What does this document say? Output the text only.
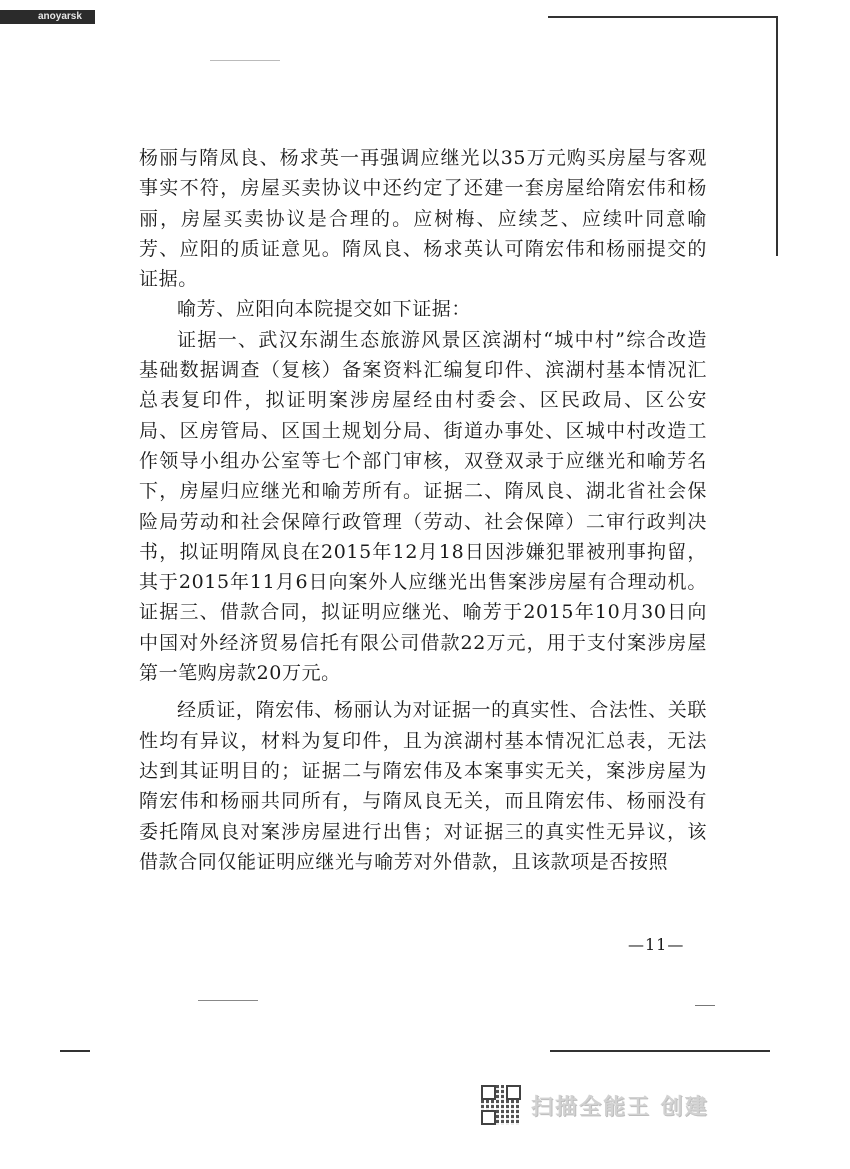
anoyarsk

杨丽与隋凤良、杨求英一再强调应继光以35万元购买房屋与客观事实不符，房屋买卖协议中还约定了还建一套房屋给隋宏伟和杨丽，房屋买卖协议是合理的。应树梅、应续芝、应续叶同意喻芳、应阳的质证意见。隋凤良、杨求英认可隋宏伟和杨丽提交的证据。

喻芳、应阳向本院提交如下证据：

证据一、武汉东湖生态旅游风景区滨湖村“城中村”综合改造基础数据调查（复核）备案资料汇编复印件、滨湖村基本情况汇总表复印件，拟证明案涉房屋经由村委会、区民政局、区公安局、区房管局、区国土规划分局、街道办事处、区城中村改造工作领导小组办公室等七个部门审核，双登双录于应继光和喻芳名下，房屋归应继光和喻芳所有。证据二、隋凤良、湖北省社会保险局劳动和社会保障行政管理（劳动、社会保障）二审行政判决书，拟证明隋凤良在2015年12月18日因涉嫌犯罪被刑事拘留，其于2015年11月6日向案外人应继光出售案涉房屋有合理动机。证据三、借款合同，拟证明应继光、喻芳于2015年10月30日向中国对外经济贸易信托有限公司借款22万元，用于支付案涉房屋第一笔购房款20万元。

经质证，隋宏伟、杨丽认为对证据一的真实性、合法性、关联性均有异议，材料为复印件，且为滨湖村基本情况汇总表，无法达到其证明目的；证据二与隋宏伟及本案事实无关，案涉房屋为隋宏伟和杨丽共同所有，与隋凤良无关，而且隋宏伟、杨丽没有委托隋凤良对案涉房屋进行出售；对证据三的真实性无异议，该借款合同仅能证明应继光与喻芳对外借款，且该款项是否按照

—11—
扫描全能王 创建
